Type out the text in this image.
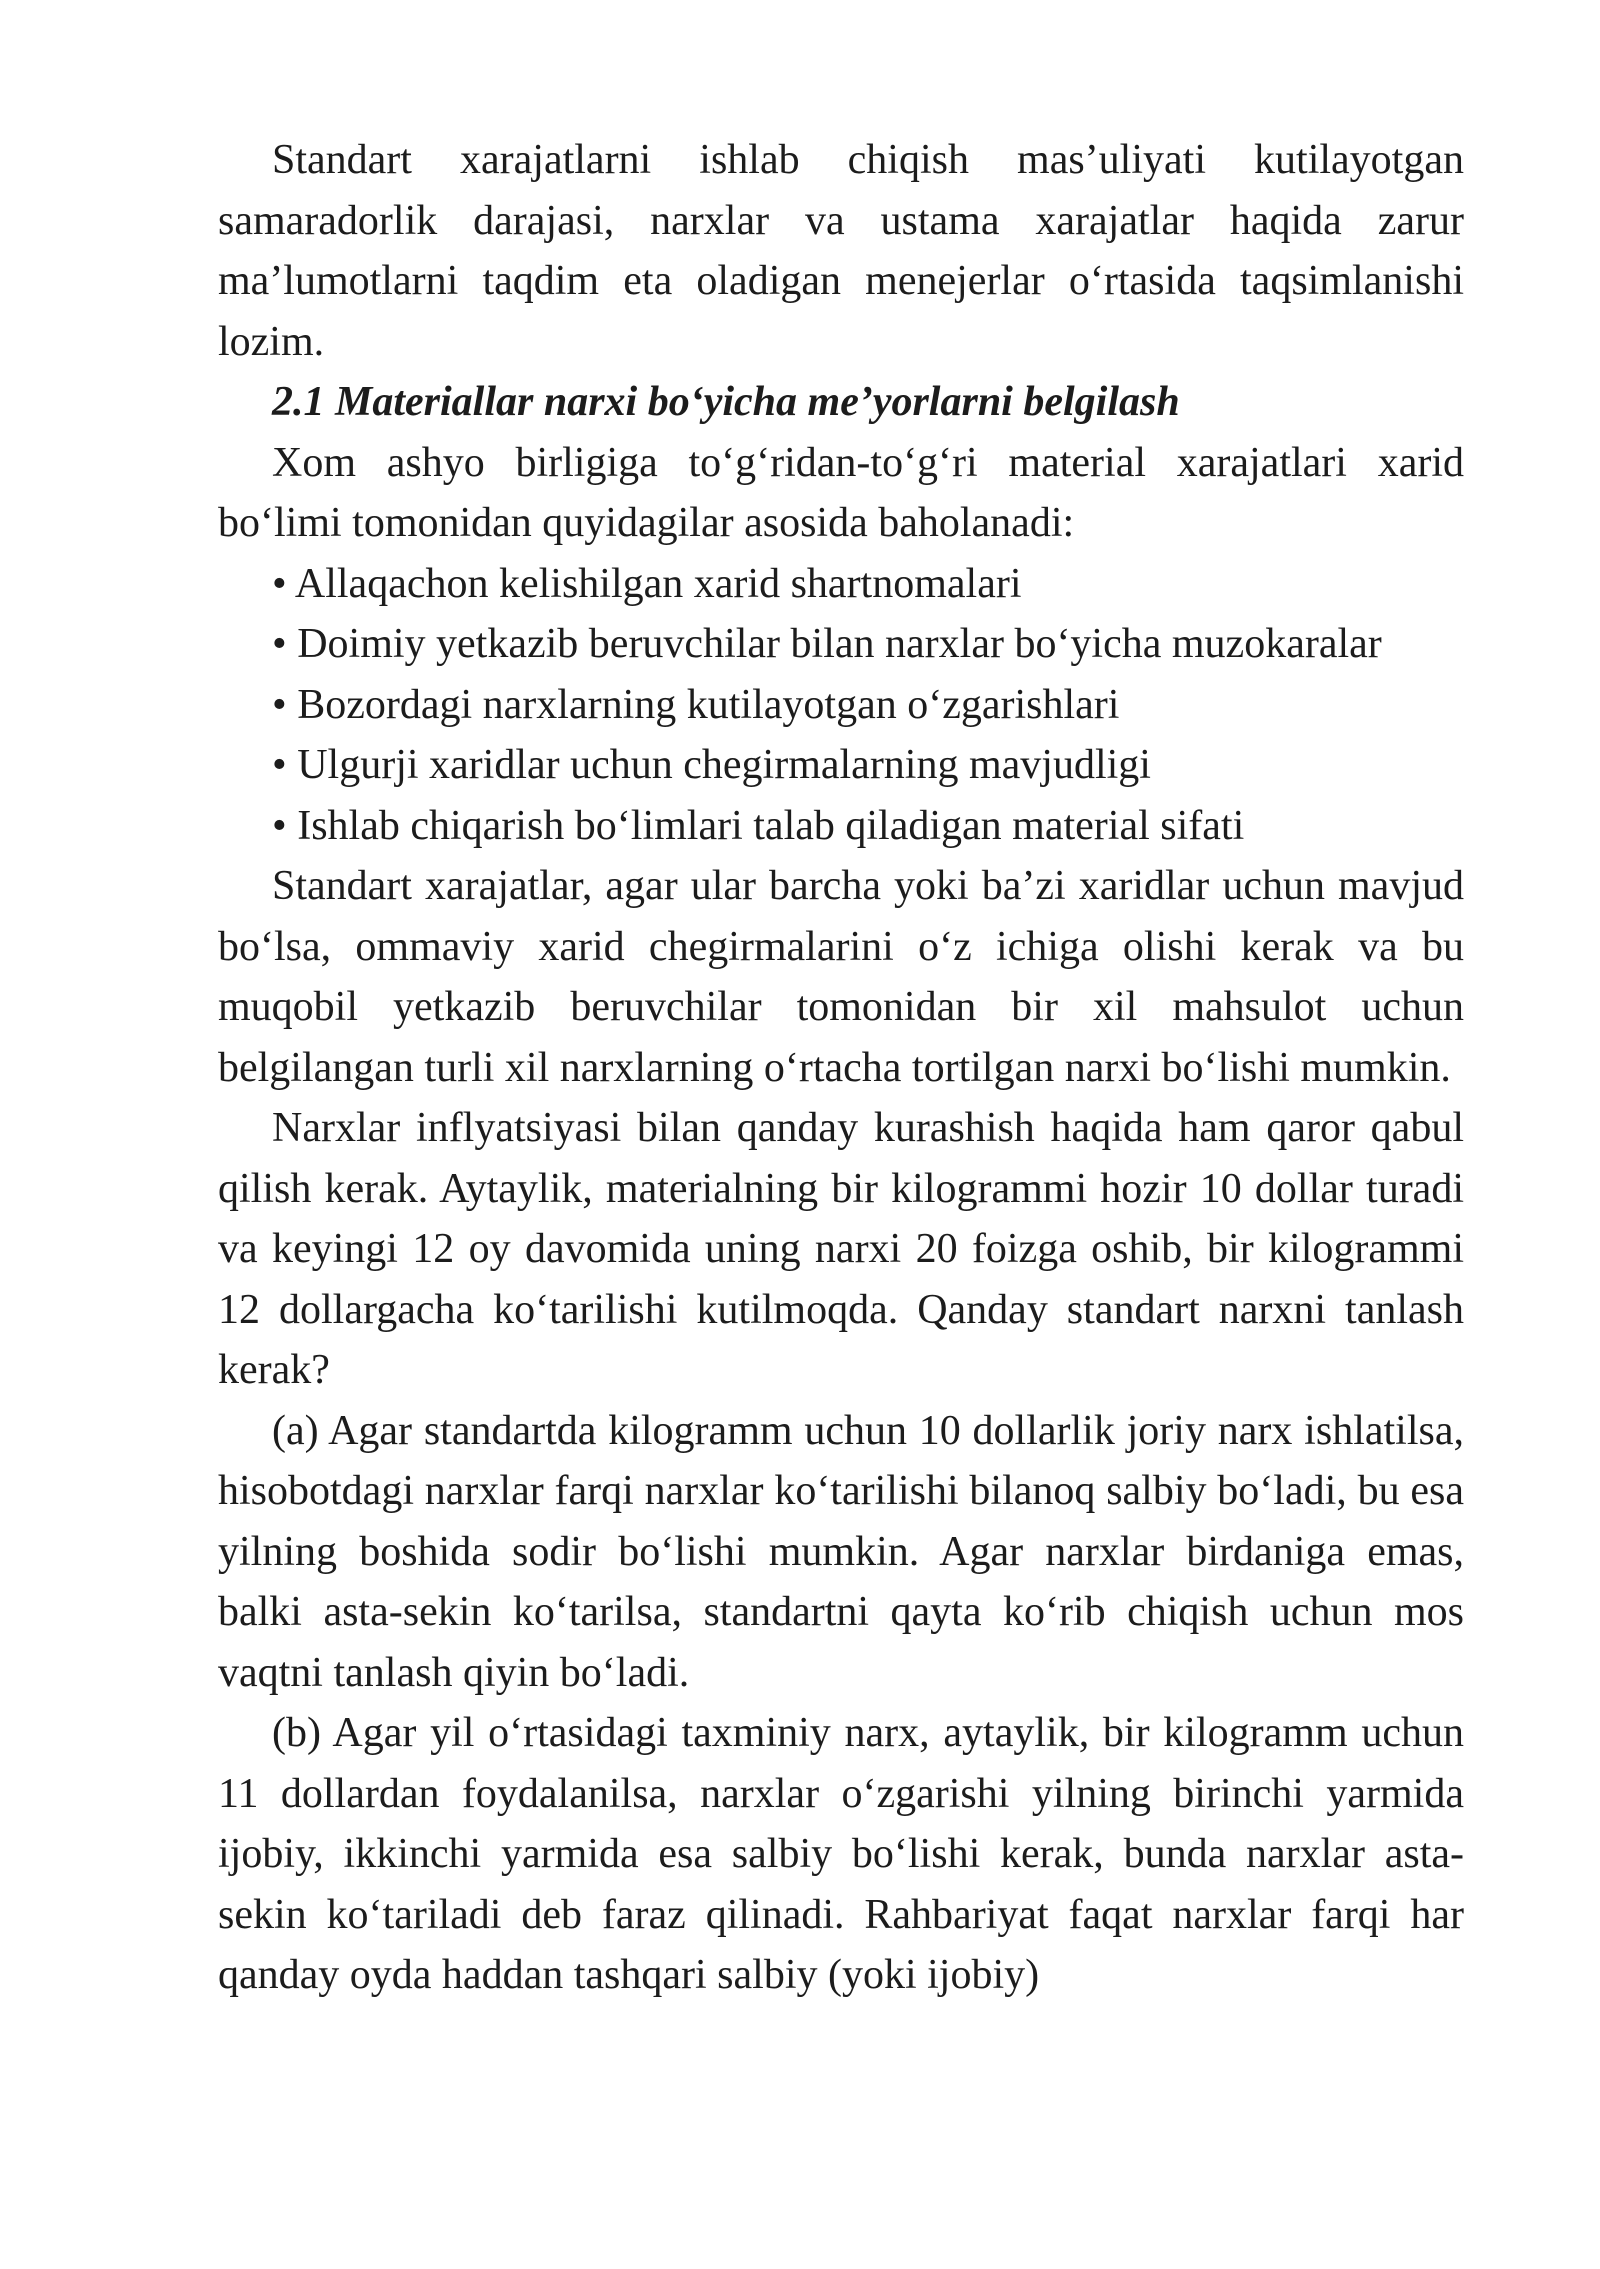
Standart xarajatlarni ishlab chiqish mas’uliyati kutilayotgan samaradorlik darajasi, narxlar va ustama xarajatlar haqida zarur ma’lumotlarni taqdim eta oladigan menejerlar o‘rtasida taqsimlanishi lozim.

2.1 Materiallar narxi bo‘yicha me’yorlarni belgilash

Xom ashyo birligiga to‘g‘ridan-to‘g‘ri material xarajatlari xarid bo‘limi tomonidan quyidagilar asosida baholanadi:

• Allaqachon kelishilgan xarid shartnomalari

• Doimiy yetkazib beruvchilar bilan narxlar bo‘yicha muzokaralar

• Bozordagi narxlarning kutilayotgan o‘zgarishlari

• Ulgurji xaridlar uchun chegirmalarning mavjudligi

• Ishlab chiqarish bo‘limlari talab qiladigan material sifati

Standart xarajatlar, agar ular barcha yoki ba’zi xaridlar uchun mavjud bo‘lsa, ommaviy xarid chegirmalarini o‘z ichiga olishi kerak va bu muqobil yetkazib beruvchilar tomonidan bir xil mahsulot uchun belgilangan turli xil narxlarning o‘rtacha tortilgan narxi bo‘lishi mumkin.

Narxlar inflyatsiyasi bilan qanday kurashish haqida ham qaror qabul qilish kerak. Aytaylik, materialning bir kilogrammi hozir 10 dollar turadi va keyingi 12 oy davomida uning narxi 20 foizga oshib, bir kilogrammi 12 dollargacha ko‘tarilishi kutilmoqda. Qanday standart narxni tanlash kerak?

(a) Agar standartda kilogramm uchun 10 dollarlik joriy narx ishlatilsa, hisobotdagi narxlar farqi narxlar ko‘tarilishi bilanoq salbiy bo‘ladi, bu esa yilning boshida sodir bo‘lishi mumkin. Agar narxlar birdaniga emas, balki asta-sekin ko‘tarilsa, standartni qayta ko‘rib chiqish uchun mos vaqtni tanlash qiyin bo‘ladi.

(b) Agar yil o‘rtasidagi taxminiy narx, aytaylik, bir kilogramm uchun 11 dollardan foydalanilsa, narxlar o‘zgarishi yilning birinchi yarmida ijobiy, ikkinchi yarmida esa salbiy bo‘lishi kerak, bunda narxlar asta-sekin ko‘tariladi deb faraz qilinadi. Rahbariyat faqat narxlar farqi har qanday oyda haddan tashqari salbiy (yoki ijobiy)
